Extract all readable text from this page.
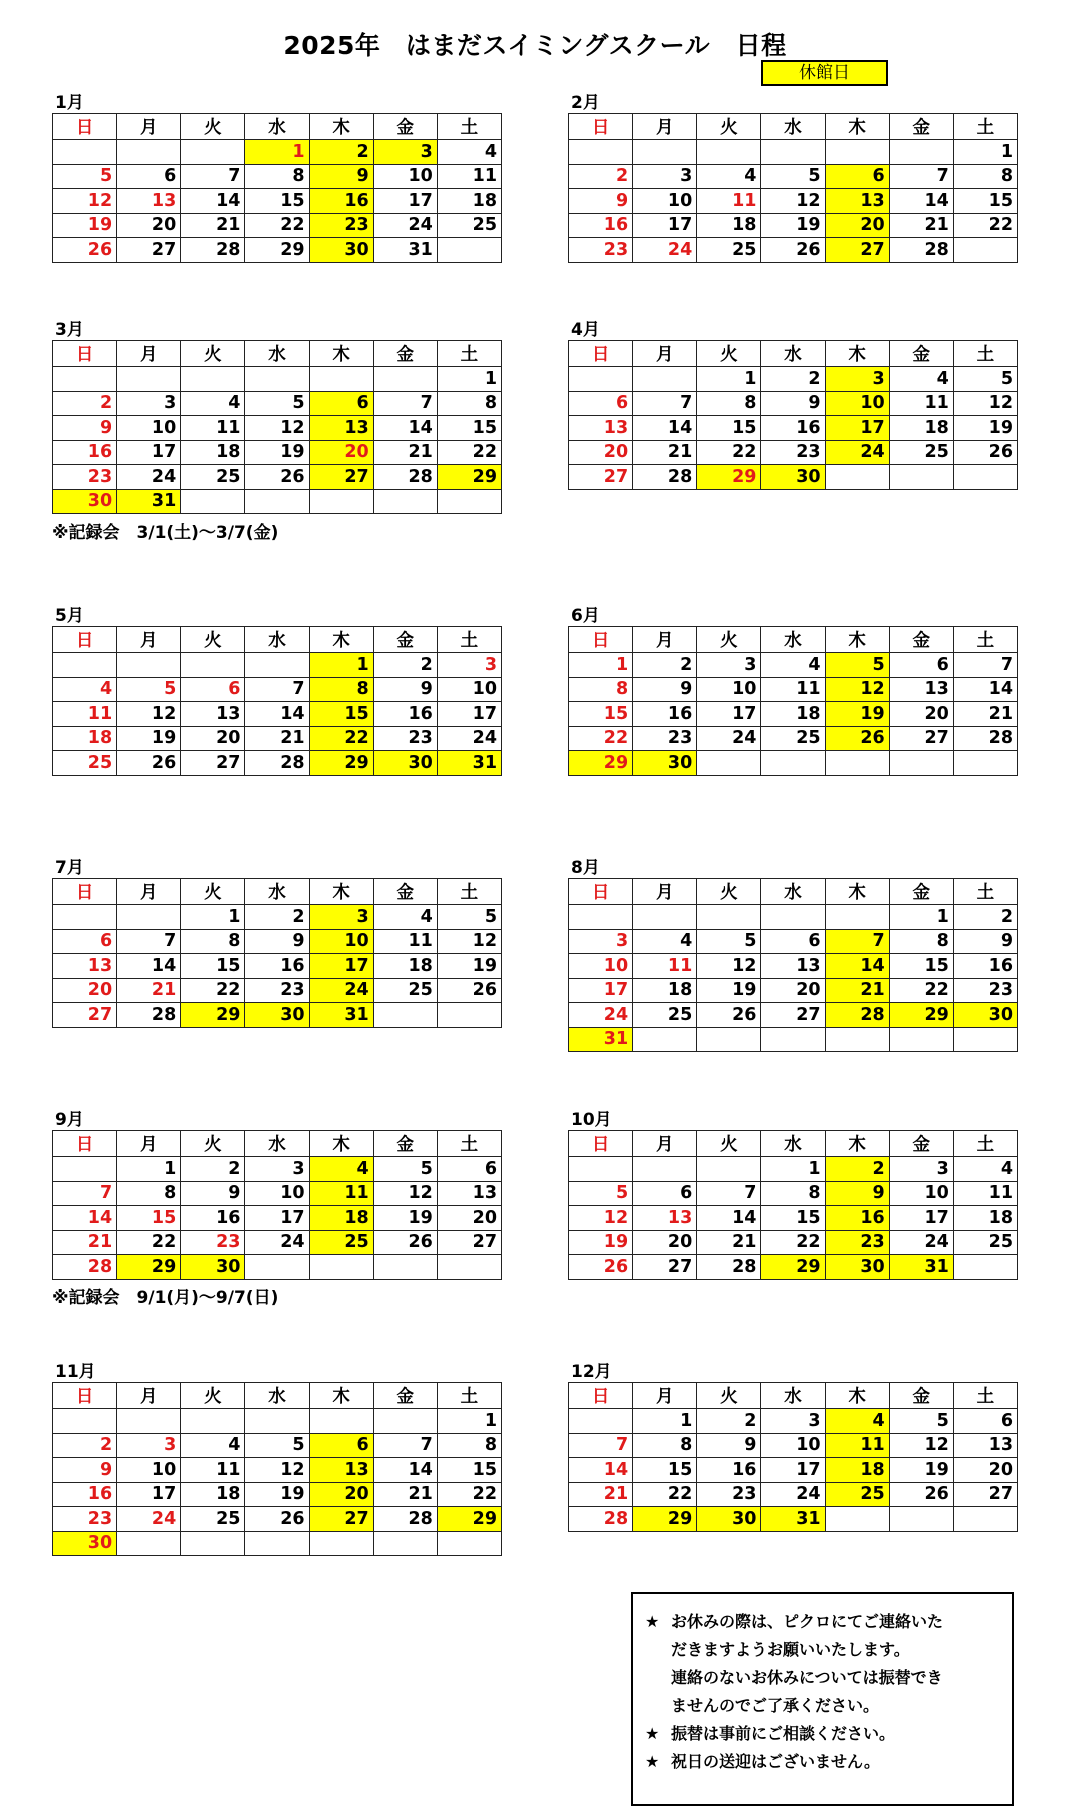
2025年　はまだスイミングスクール　日程
休館日
1月
日	月	火	水	木	金	土
			1	2	3	4
5	6	7	8	9	10	11
12	13	14	15	16	17	18
19	20	21	22	23	24	25
26	27	28	29	30	31	
2月
日	月	火	水	木	金	土
						1
2	3	4	5	6	7	8
9	10	11	12	13	14	15
16	17	18	19	20	21	22
23	24	25	26	27	28	
3月
日	月	火	水	木	金	土
						1
2	3	4	5	6	7	8
9	10	11	12	13	14	15
16	17	18	19	20	21	22
23	24	25	26	27	28	29
30	31					
※記録会　3/1(土)～3/7(金)
4月
日	月	火	水	木	金	土
		1	2	3	4	5
6	7	8	9	10	11	12
13	14	15	16	17	18	19
20	21	22	23	24	25	26
27	28	29	30			
5月
日	月	火	水	木	金	土
				1	2	3
4	5	6	7	8	9	10
11	12	13	14	15	16	17
18	19	20	21	22	23	24
25	26	27	28	29	30	31
6月
日	月	火	水	木	金	土
1	2	3	4	5	6	7
8	9	10	11	12	13	14
15	16	17	18	19	20	21
22	23	24	25	26	27	28
29	30					
7月
日	月	火	水	木	金	土
		1	2	3	4	5
6	7	8	9	10	11	12
13	14	15	16	17	18	19
20	21	22	23	24	25	26
27	28	29	30	31		
8月
日	月	火	水	木	金	土
					1	2
3	4	5	6	7	8	9
10	11	12	13	14	15	16
17	18	19	20	21	22	23
24	25	26	27	28	29	30
31						
9月
日	月	火	水	木	金	土
	1	2	3	4	5	6
7	8	9	10	11	12	13
14	15	16	17	18	19	20
21	22	23	24	25	26	27
28	29	30				
※記録会　9/1(月)～9/7(日)
10月
日	月	火	水	木	金	土
			1	2	3	4
5	6	7	8	9	10	11
12	13	14	15	16	17	18
19	20	21	22	23	24	25
26	27	28	29	30	31	
11月
日	月	火	水	木	金	土
						1
2	3	4	5	6	7	8
9	10	11	12	13	14	15
16	17	18	19	20	21	22
23	24	25	26	27	28	29
30						
12月
日	月	火	水	木	金	土
	1	2	3	4	5	6
7	8	9	10	11	12	13
14	15	16	17	18	19	20
21	22	23	24	25	26	27
28	29	30	31			
★ お休みの際は、ピクロにてご連絡いた
だきますようお願いいたします。
連絡のないお休みについては振替でき
ませんのでご了承ください。
★ 振替は事前にご相談ください。
★ 祝日の送迎はございません。
